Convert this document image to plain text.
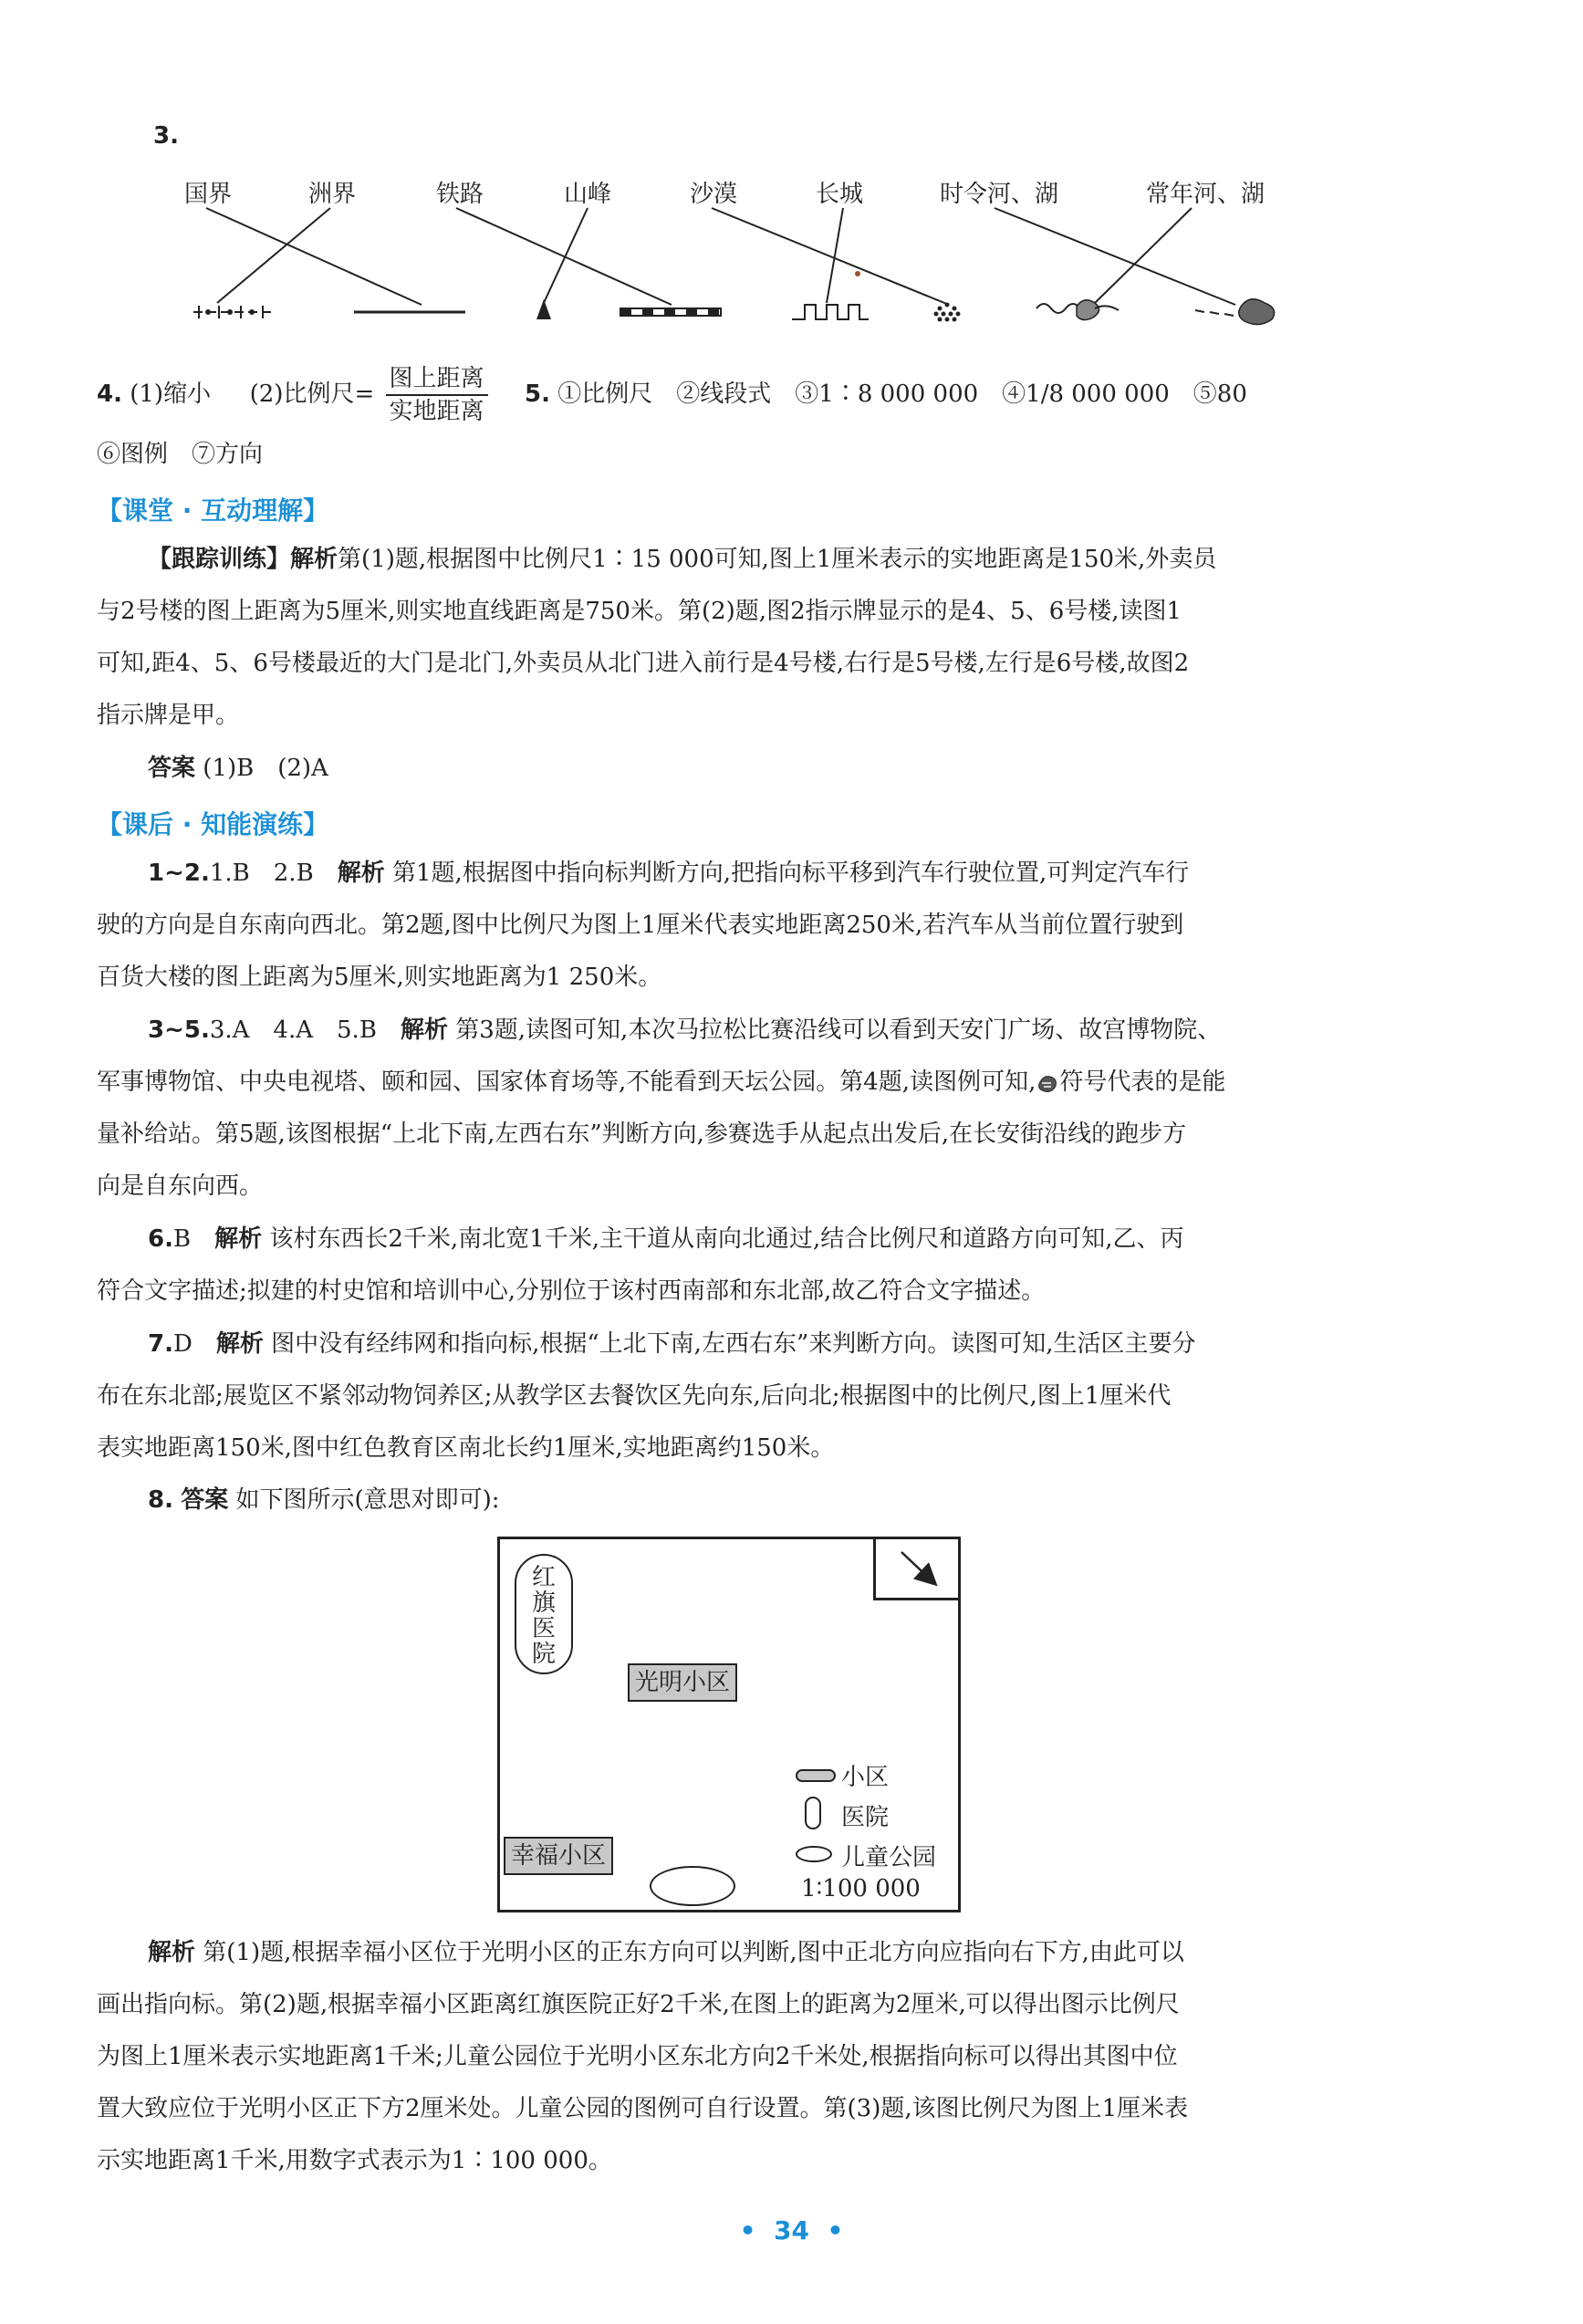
3.
国界	洲界	铁路	山峰	沙漠	长城	时令河、湖	常年河、湖
4. (1)缩小 (2)比例尺= $\frac{\text{图上距离}}{\text{实地距离}} 5$. ①比例尺　②线段式　③1∶8 000 000　④1/8 000 000　⑤80
⑥图例　⑦方向
【课堂 · 互动理解】
【跟踪训练】解析第(1)题,根据图中比例尺1∶15 000可知,图上1厘米表示的实地距离是150米,外卖员
与2号楼的图上距离为5厘米,则实地直线距离是750米。第(2)题,图2指示牌显示的是4、5、6号楼,读图1
可知,距4、5、6号楼最近的大门是北门,外卖员从北门进入前行是4号楼,右行是5号楼,左行是6号楼,故图2
指示牌是甲。
答案 (1)B　(2)A
【课后 · 知能演练】
1~2.1.B　2.B　 解析 第1题,根据图中指向标判断方向,把指向标平移到汽车行驶位置,可判定汽车行
驶的方向是自东南向西北。第2题,图中比例尺为图上1厘米代表实地距离250米,若汽车从当前位置行驶到
百货大楼的图上距离为5厘米,则实地距离为1 250米。
3~5.3.A　4.A　5.B　 解析 第3题,读图可知,本次马拉松比赛沿线可以看到天安门广场、故宫博物院、
军事博物馆、中央电视塔、颐和园、国家体育场等,不能看到天坛公园。第4题,读图例可知, 符号代表的是能
量补给站。第5题,该图根据“上北下南,左西右东”判断方向,参赛选手从起点出发后,在长安街沿线的跑步方
向是自东向西。
6.B　 解析 该村东西长2千米,南北宽1千米,主干道从南向北通过,结合比例尺和道路方向可知,乙、丙
符合文字描述;拟建的村史馆和培训中心,分别位于该村西南部和东北部,故乙符合文字描述。
7.D　 解析 图中没有经纬网和指向标,根据“上北下南,左西右东”来判断方向。读图可知,生活区主要分
布在东北部;展览区不紧邻动物饲养区;从教学区去餐饮区先向东,后向北;根据图中的比例尺,图上1厘米代
表实地距离150米,图中红色教育区南北长约1厘米,实地距离约150米。
8. 答案 如下图所示(意思对即可):
红旗医院
光明小区
幸福小区
小区
医院
儿童公园
1∶100 000
解析 第(1)题,根据幸福小区位于光明小区的正东方向可以判断,图中正北方向应指向右下方,由此可以
画出指向标。第(2)题,根据幸福小区距离红旗医院正好2千米,在图上的距离为2厘米,可以得出图示比例尺
为图上1厘米表示实地距离1千米;儿童公园位于光明小区东北方向2千米处,根据指向标可以得出其图中位
置大致应位于光明小区正下方2厘米处。儿童公园的图例可自行设置。第(3)题,该图比例尺为图上1厘米表
示实地距离1千米,用数字式表示为1∶100 000。
•  34  •
